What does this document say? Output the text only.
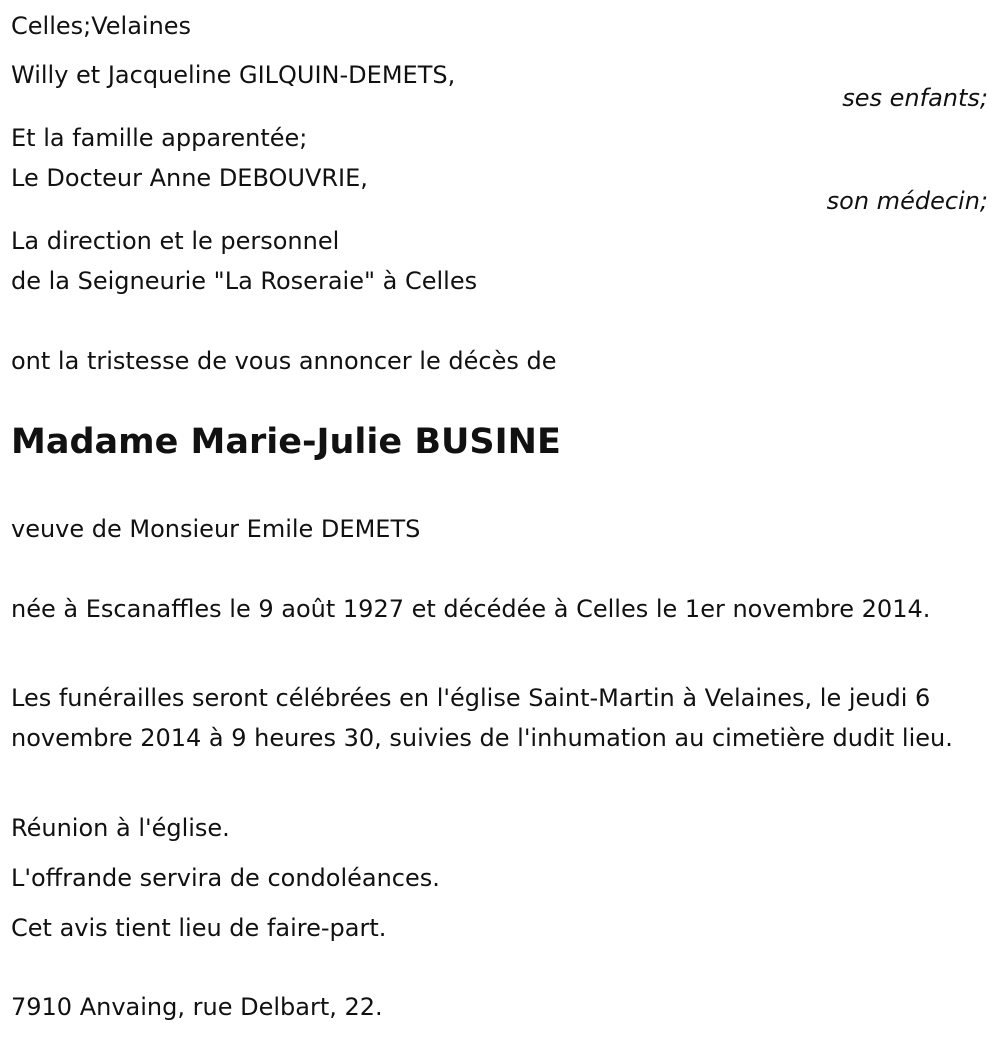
Celles;Velaines
Willy et Jacqueline GILQUIN-DEMETS,
ses enfants;
Et la famille apparentée;
Le Docteur Anne DEBOUVRIE,
son médecin;
La direction et le personnel
de la Seigneurie "La Roseraie" à Celles
ont la tristesse de vous annoncer le décès de
Madame Marie-Julie BUSINE
veuve de Monsieur Emile DEMETS
née à Escanaffles le 9 août 1927 et décédée à Celles le 1er novembre 2014.
Les funérailles seront célébrées en l'église Saint-Martin à Velaines, le jeudi 6 novembre 2014 à 9 heures 30, suivies de l'inhumation au cimetière dudit lieu.
Réunion à l'église.
L'offrande servira de condoléances.
Cet avis tient lieu de faire-part.
7910 Anvaing, rue Delbart, 22.
